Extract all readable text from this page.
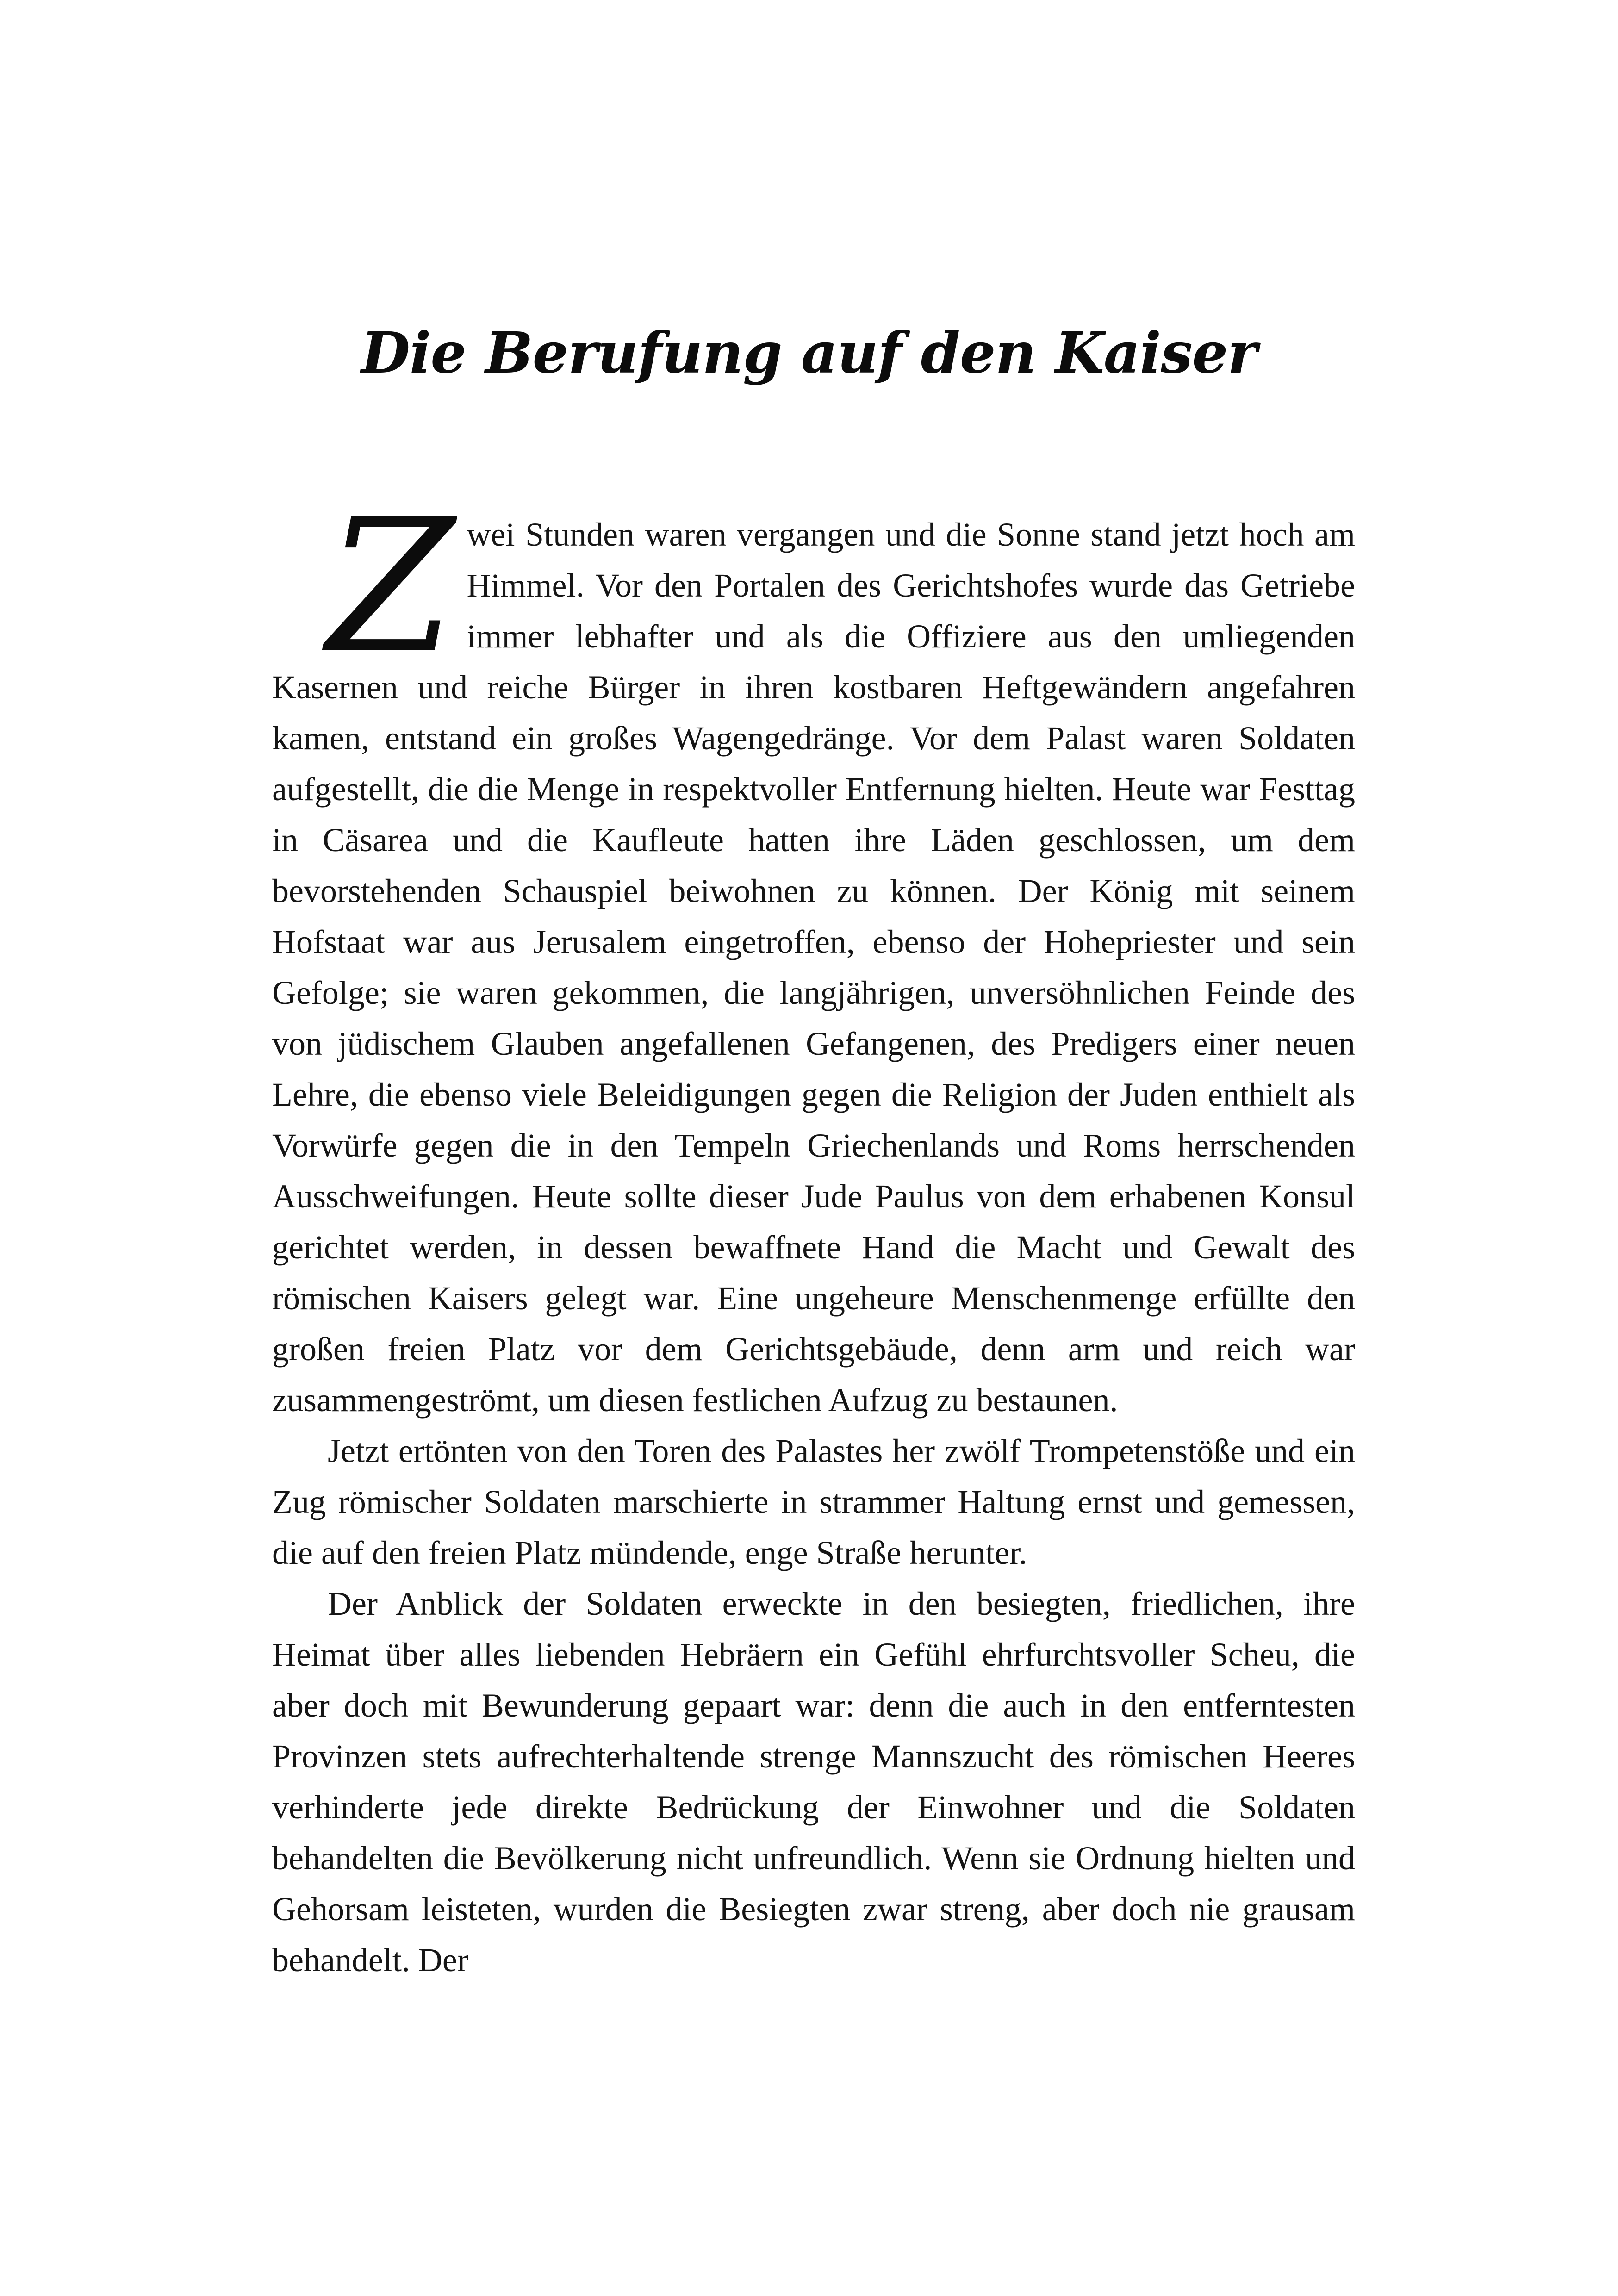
Die Berufung auf den Kaiser

Zwei Stunden waren vergangen und die Sonne stand jetzt hoch am Himmel. Vor den Portalen des Gerichtshofes wurde das Getriebe immer lebhafter und als die Offiziere aus den umliegenden Kasernen und reiche Bürger in ihren kostbaren Heftgewändern angefahren kamen, entstand ein großes Wagengedränge. Vor dem Palast waren Soldaten aufgestellt, die die Menge in respektvoller Entfernung hielten. Heute war Festtag in Cäsarea und die Kaufleute hatten ihre Läden geschlossen, um dem bevorstehenden Schauspiel beiwohnen zu können. Der König mit seinem Hofstaat war aus Jerusalem eingetroffen, ebenso der Hohepriester und sein Gefolge; sie waren gekommen, die langjährigen, unversöhnlichen Feinde des von jüdischem Glauben angefallenen Gefangenen, des Predigers einer neuen Lehre, die ebenso viele Beleidigungen gegen die Religion der Juden enthielt als Vorwürfe gegen die in den Tempeln Griechenlands und Roms herrschenden Ausschweifungen. Heute sollte dieser Jude Paulus von dem erhabenen Konsul gerichtet werden, in dessen bewaffnete Hand die Macht und Gewalt des römischen Kaisers gelegt war. Eine ungeheure Menschenmenge erfüllte den großen freien Platz vor dem Gerichtsgebäude, denn arm und reich war zusammengeströmt, um diesen festlichen Aufzug zu bestaunen.

Jetzt ertönten von den Toren des Palastes her zwölf Trompetenstöße und ein Zug römischer Soldaten marschierte in strammer Haltung ernst und gemessen, die auf den freien Platz mündende, enge Straße herunter.

Der Anblick der Soldaten erweckte in den besiegten, friedlichen, ihre Heimat über alles liebenden Hebräern ein Gefühl ehrfurchtsvoller Scheu, die aber doch mit Bewunderung gepaart war: denn die auch in den entferntesten Provinzen stets aufrechterhaltende strenge Mannszucht des römischen Heeres verhinderte jede direkte Bedrückung der Einwohner und die Soldaten behandelten die Bevölkerung nicht unfreundlich. Wenn sie Ordnung hielten und Gehorsam leisteten, wurden die Besiegten zwar streng, aber doch nie grausam behandelt. Der
